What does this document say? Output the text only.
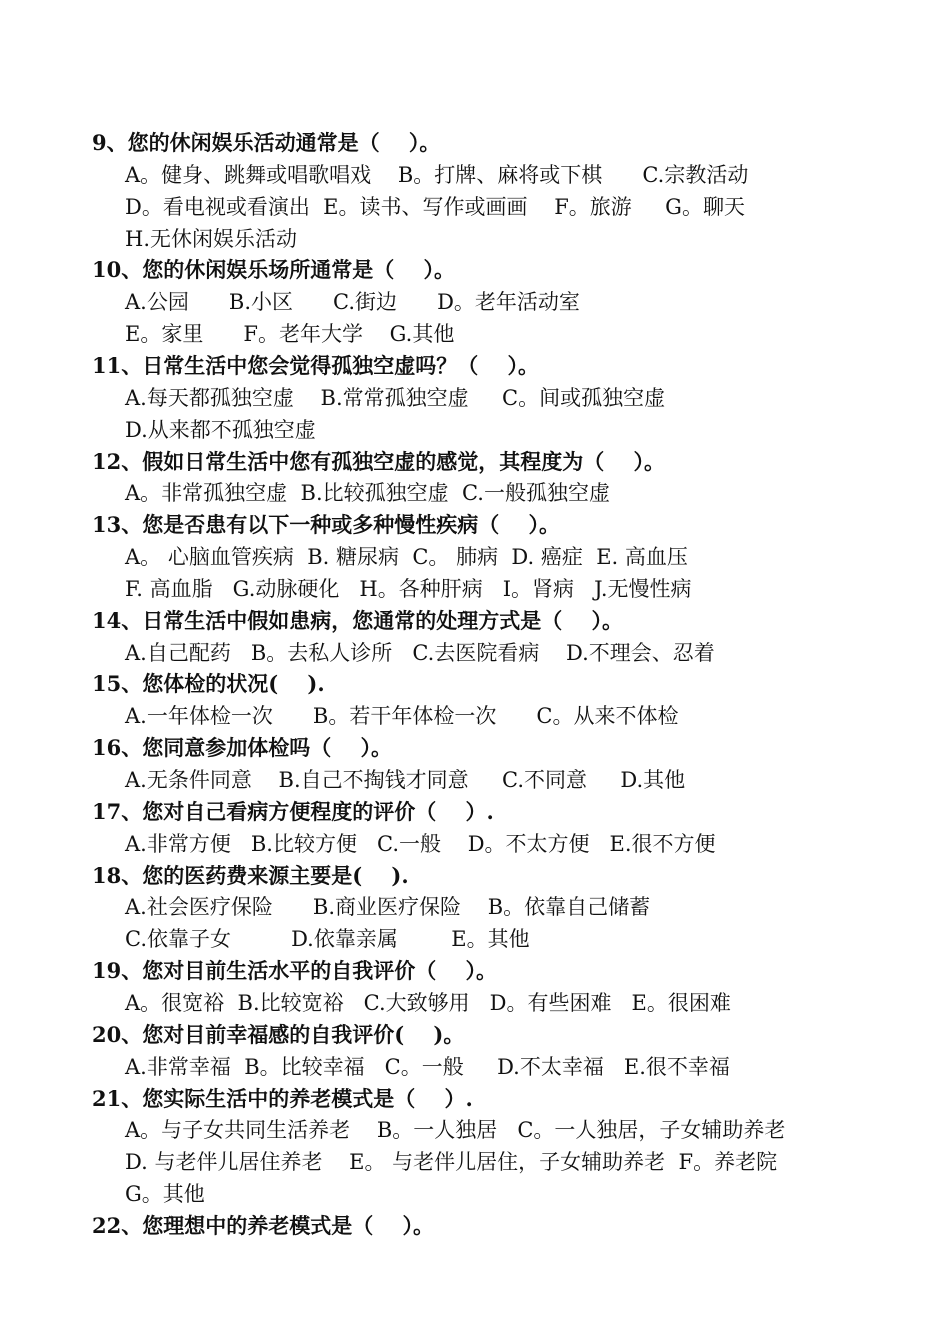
9、您的休闲娱乐活动通常是（    ）。
A。健身、跳舞或唱歌唱戏    B。打牌、麻将或下棋      C.宗教活动
D。看电视或看演出  E。读书、写作或画画    F。旅游     G。聊天
H.无休闲娱乐活动
10、您的休闲娱乐场所通常是（    ）。
A.公园      B.小区      C.街边      D。老年活动室
E。家里      F。老年大学    G.其他
11、日常生活中您会觉得孤独空虚吗？（    ）。
A.每天都孤独空虚    B.常常孤独空虚     C。间或孤独空虚
D.从来都不孤独空虚
12、假如日常生活中您有孤独空虚的感觉，其程度为（    ）。
A。非常孤独空虚  B.比较孤独空虚  C.一般孤独空虚
13、您是否患有以下一种或多种慢性疾病（    ）。
A。 心脑血管疾病  B. 糖尿病  C。 肺病  D. 癌症  E. 高血压
F. 高血脂   G.动脉硬化   H。各种肝病   I。肾病   J.无慢性病
14、日常生活中假如患病，您通常的处理方式是（    ）。
A.自己配药   B。去私人诊所   C.去医院看病    D.不理会、忍着
15、您体检的状况(    ).
A.一年体检一次      B。若干年体检一次      C。从来不体检
16、您同意参加体检吗（    ）。
A.无条件同意    B.自己不掏钱才同意     C.不同意     D.其他
17、您对自己看病方便程度的评价（    ）.
A.非常方便   B.比较方便   C.一般    D。不太方便   E.很不方便
18、您的医药费来源主要是(    ).
A.社会医疗保险      B.商业医疗保险    B。依靠自己储蓄
C.依靠子女         D.依靠亲属        E。其他
19、您对目前生活水平的自我评价（    ）。
A。很宽裕  B.比较宽裕   C.大致够用   D。有些困难   E。很困难
20、您对目前幸福感的自我评价(    )。
A.非常幸福  B。比较幸福   C。一般     D.不太幸福   E.很不幸福
21、您实际生活中的养老模式是（    ）.
A。与子女共同生活养老    B。一人独居   C。一人独居，子女辅助养老
D. 与老伴儿居住养老    E。 与老伴儿居住，子女辅助养老  F。养老院
G。其他
22、您理想中的养老模式是（    ）。
